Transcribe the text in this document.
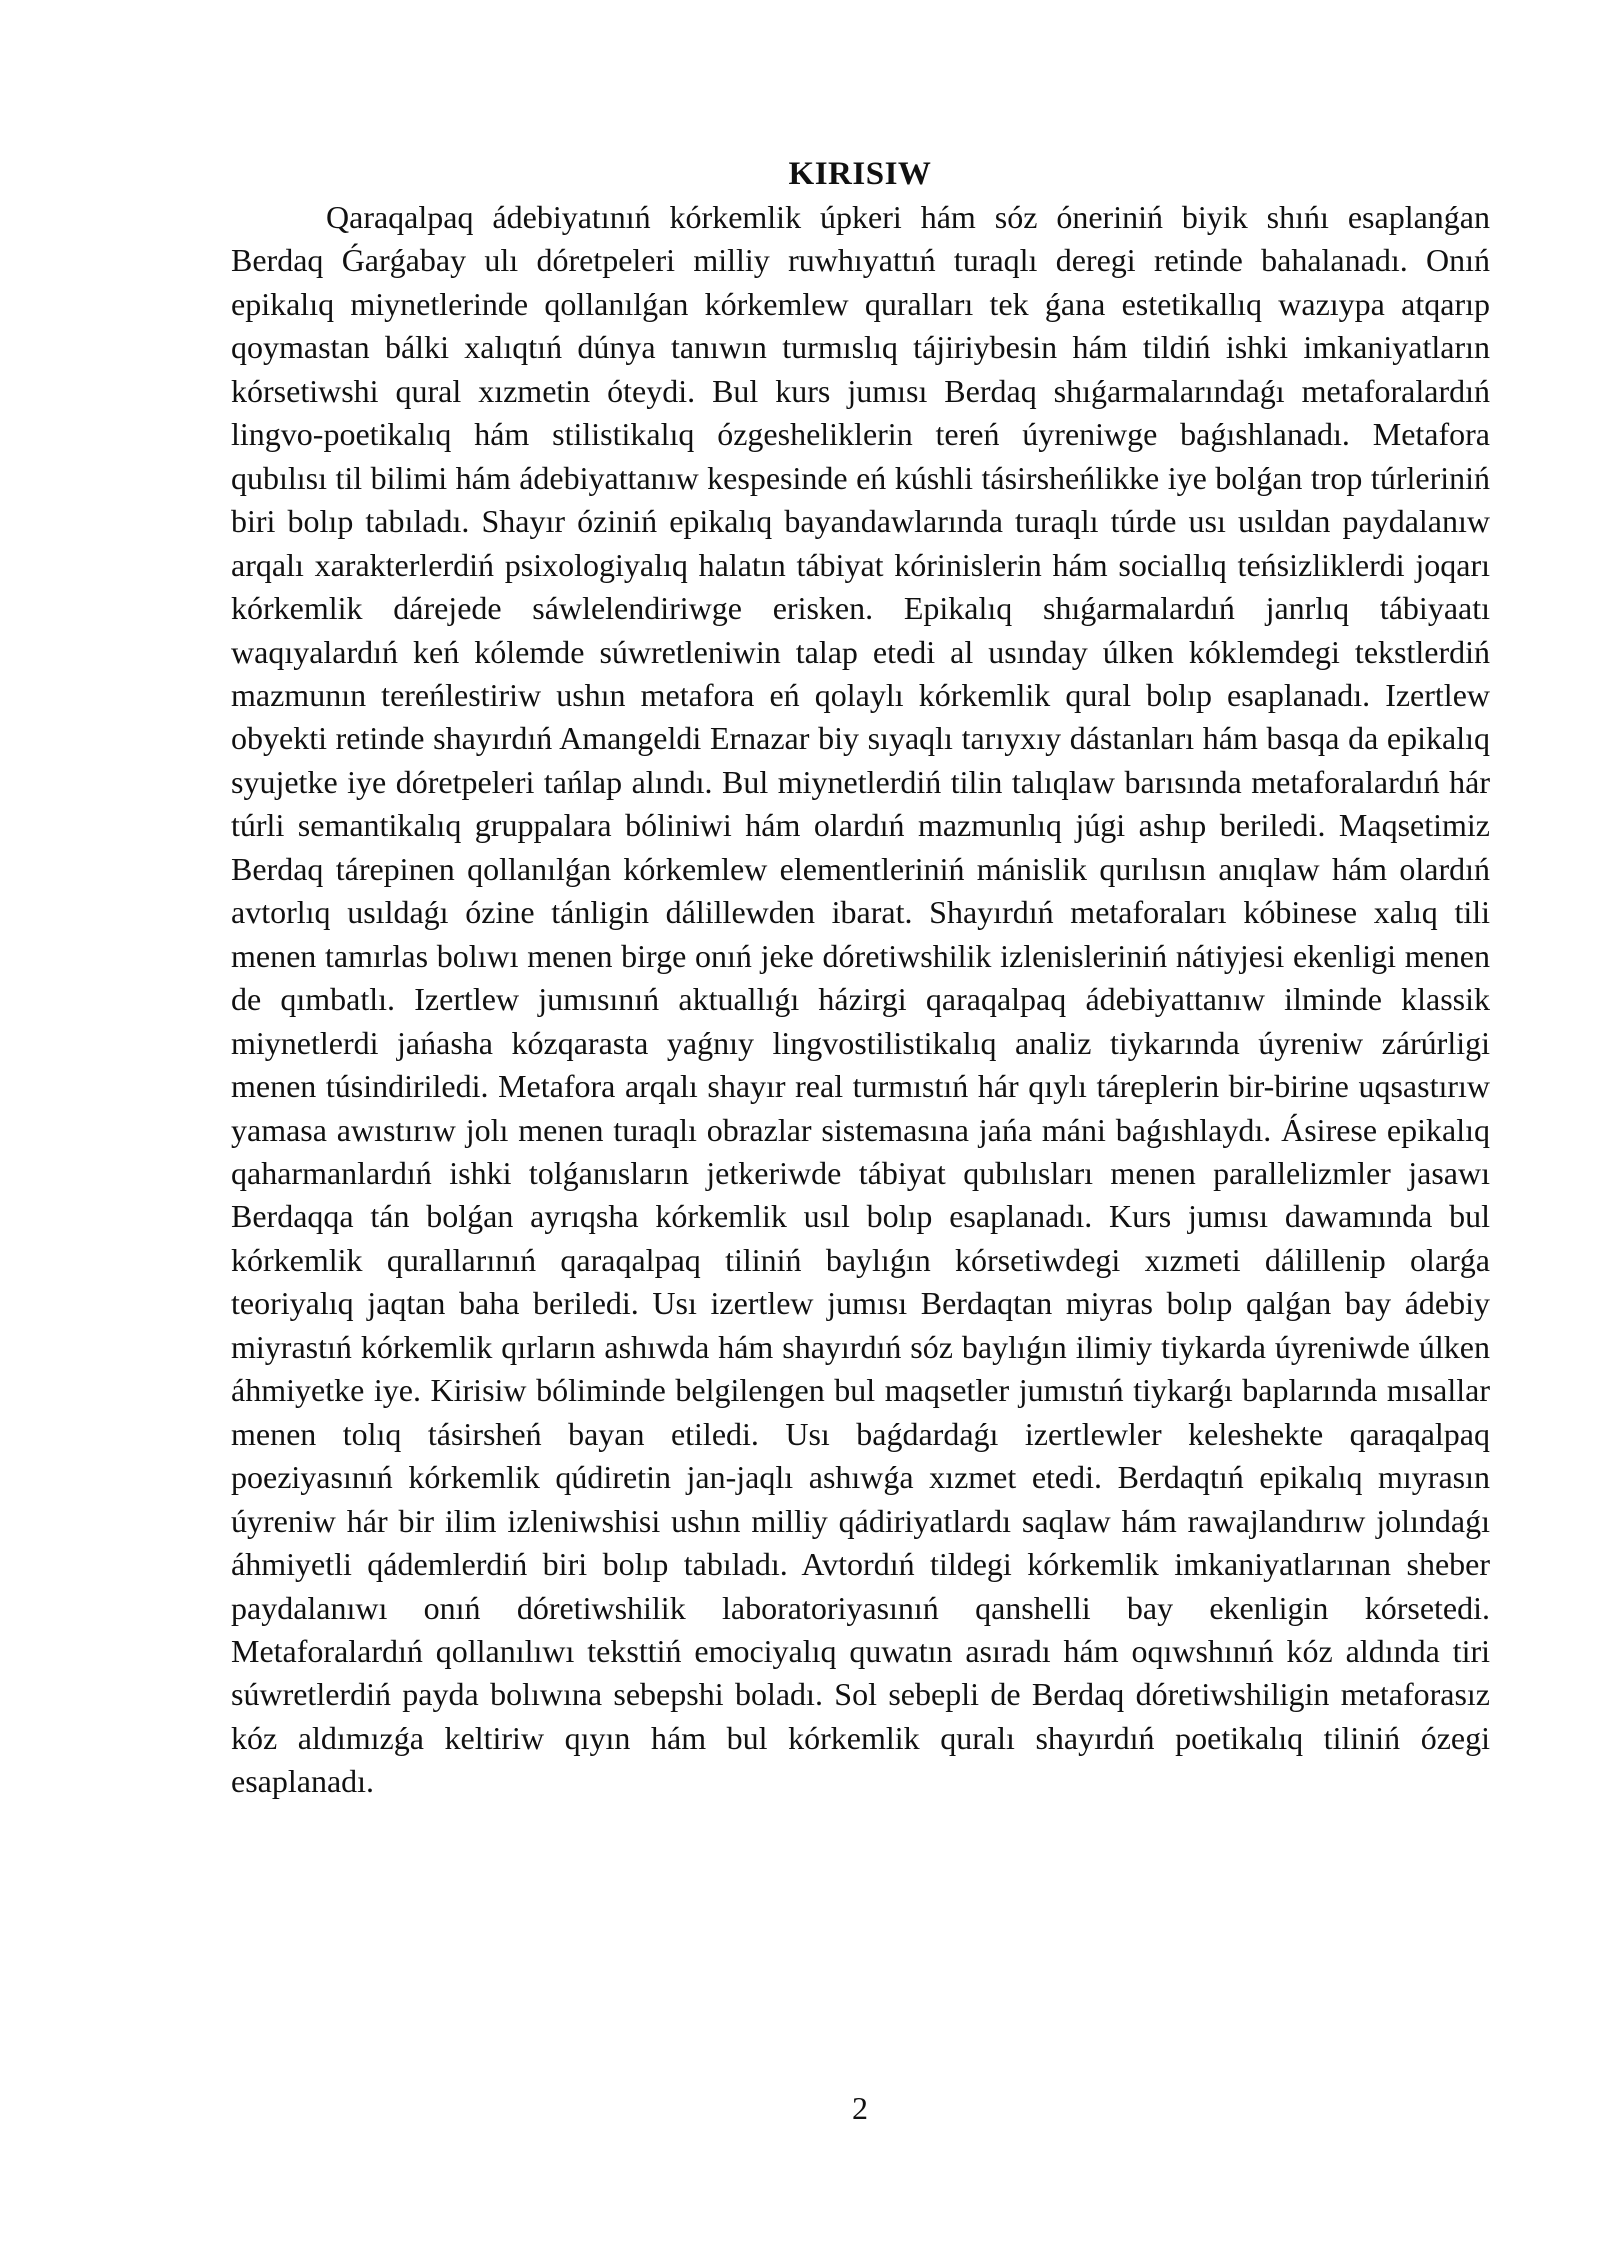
KIRISIW

Qaraqalpaq ádebiyatınıń kórkemlik úpkeri hám sóz óneriniń biyik shıńı esaplanǵan Berdaq Ǵarǵabay ulı dóretpeleri milliy ruwhıyattıń turaqlı deregi retinde bahalanadı. Onıń epikalıq miynetlerinde qollanılǵan kórkemlew quralları tek ǵana estetikallıq wazıypa atqarıp qoymastan bálki xalıqtıń dúnya tanıwın turmıslıq tájiriybesin hám tildiń ishki imkaniyatların kórsetiwshi qural xızmetin óteydi. Bul kurs jumısı Berdaq shıǵarmalarındaǵı metaforalardıń lingvo-poetikalıq hám stilistikalıq ózgesheliklerin tereń úyreniwge baǵıshlanadı. Metafora qubılısı til bilimi hám ádebiyattanıw kespesinde eń kúshli tásirsheńlikke iye bolǵan trop túrleriniń biri bolıp tabıladı. Shayır óziniń epikalıq bayandawlarında turaqlı túrde usı usıldan paydalanıw arqalı xarakterlerdiń psixologiyalıq halatın tábiyat kórinislerin hám sociallıq teńsizliklerdi joqarı kórkemlik dárejede sáwlelendiriwge erisken. Epikalıq shıǵarmalardıń janrlıq tábiyaatı waqıyalardıń keń kólemde súwretleniwin talap etedi al usınday úlken kóklemdegi tekstlerdiń mazmunın tereńlestiriw ushın metafora eń qolaylı kórkemlik qural bolıp esaplanadı. Izertlew obyekti retinde shayırdıń Amangeldi Ernazar biy sıyaqlı tarıyxıy dástanları hám basqa da epikalıq syujetke iye dóretpeleri tańlap alındı. Bul miynetlerdiń tilin talıqlaw barısında metaforalardıń hár túrli semantikalıq gruppalara bóliniwi hám olardıń mazmunlıq júgi ashıp beriledi. Maqsetimiz Berdaq tárepinen qollanılǵan kórkemlew elementleriniń mánislik qurılısın anıqlaw hám olardıń avtorlıq usıldaǵı ózine tánligin dálillewden ibarat. Shayırdıń metaforaları kóbinese xalıq tili menen tamırlas bolıwı menen birge onıń jeke dóretiwshilik izlenisleriniń nátiyjesi ekenligi menen de qımbatlı. Izertlew jumısınıń aktuallıǵı házirgi qaraqalpaq ádebiyattanıw ilminde klassik miynetlerdi jańasha kózqarasta yaǵnıy lingvostilistikalıq analiz tiykarında úyreniw zárúrligi menen túsindiriledi. Metafora arqalı shayır real turmıstıń hár qıylı táreplerin bir-birine uqsastırıw yamasa awıstırıw jolı menen turaqlı obrazlar sistemasına jańa máni baǵıshlaydı. Ásirese epikalıq qaharmanlardıń ishki tolǵanısların jetkeriwde tábiyat qubılısları menen parallelizmler jasawı Berdaqqa tán bolǵan ayrıqsha kórkemlik usıl bolıp esaplanadı. Kurs jumısı dawamında bul kórkemlik qurallarınıń qaraqalpaq tiliniń baylıǵın kórsetiwdegi xızmeti dálillenip olarǵa teoriyalıq jaqtan baha beriledi. Usı izertlew jumısı Berdaqtan miyras bolıp qalǵan bay ádebiy miyrastıń kórkemlik qırların ashıwda hám shayırdıń sóz baylıǵın ilimiy tiykarda úyreniwde úlken áhmiyetke iye. Kirisiw bóliminde belgilengen bul maqsetler jumıstıń tiykarǵı baplarında mısallar menen tolıq tásirsheń bayan etiledi. Usı baǵdardaǵı izertlewler keleshekte qaraqalpaq poeziyasınıń kórkemlik qúdiretin jan-jaqlı ashıwǵa xızmet etedi. Berdaqtıń epikalıq mıyrasın úyreniw hár bir ilim izleniwshisi ushın milliy qádiriyatlardı saqlaw hám rawajlandırıw jolındaǵı áhmiyetli qádemlerdiń biri bolıp tabıladı. Avtordıń tildegi kórkemlik imkaniyatlarınan sheber paydalanıwı onıń dóretiwshilik laboratoriyasınıń qanshelli bay ekenligin kórsetedi. Metaforalardıń qollanılıwı teksttiń emociyalıq quwatın asıradı hám oqıwshınıń kóz aldında tiri súwretlerdiń payda bolıwına sebepshi boladı. Sol sebepli de Berdaq dóretiwshiligin metaforasız kóz aldımızǵa keltiriw qıyın hám bul kórkemlik quralı shayırdıń poetikalıq tiliniń ózegi esaplanadı.

2
